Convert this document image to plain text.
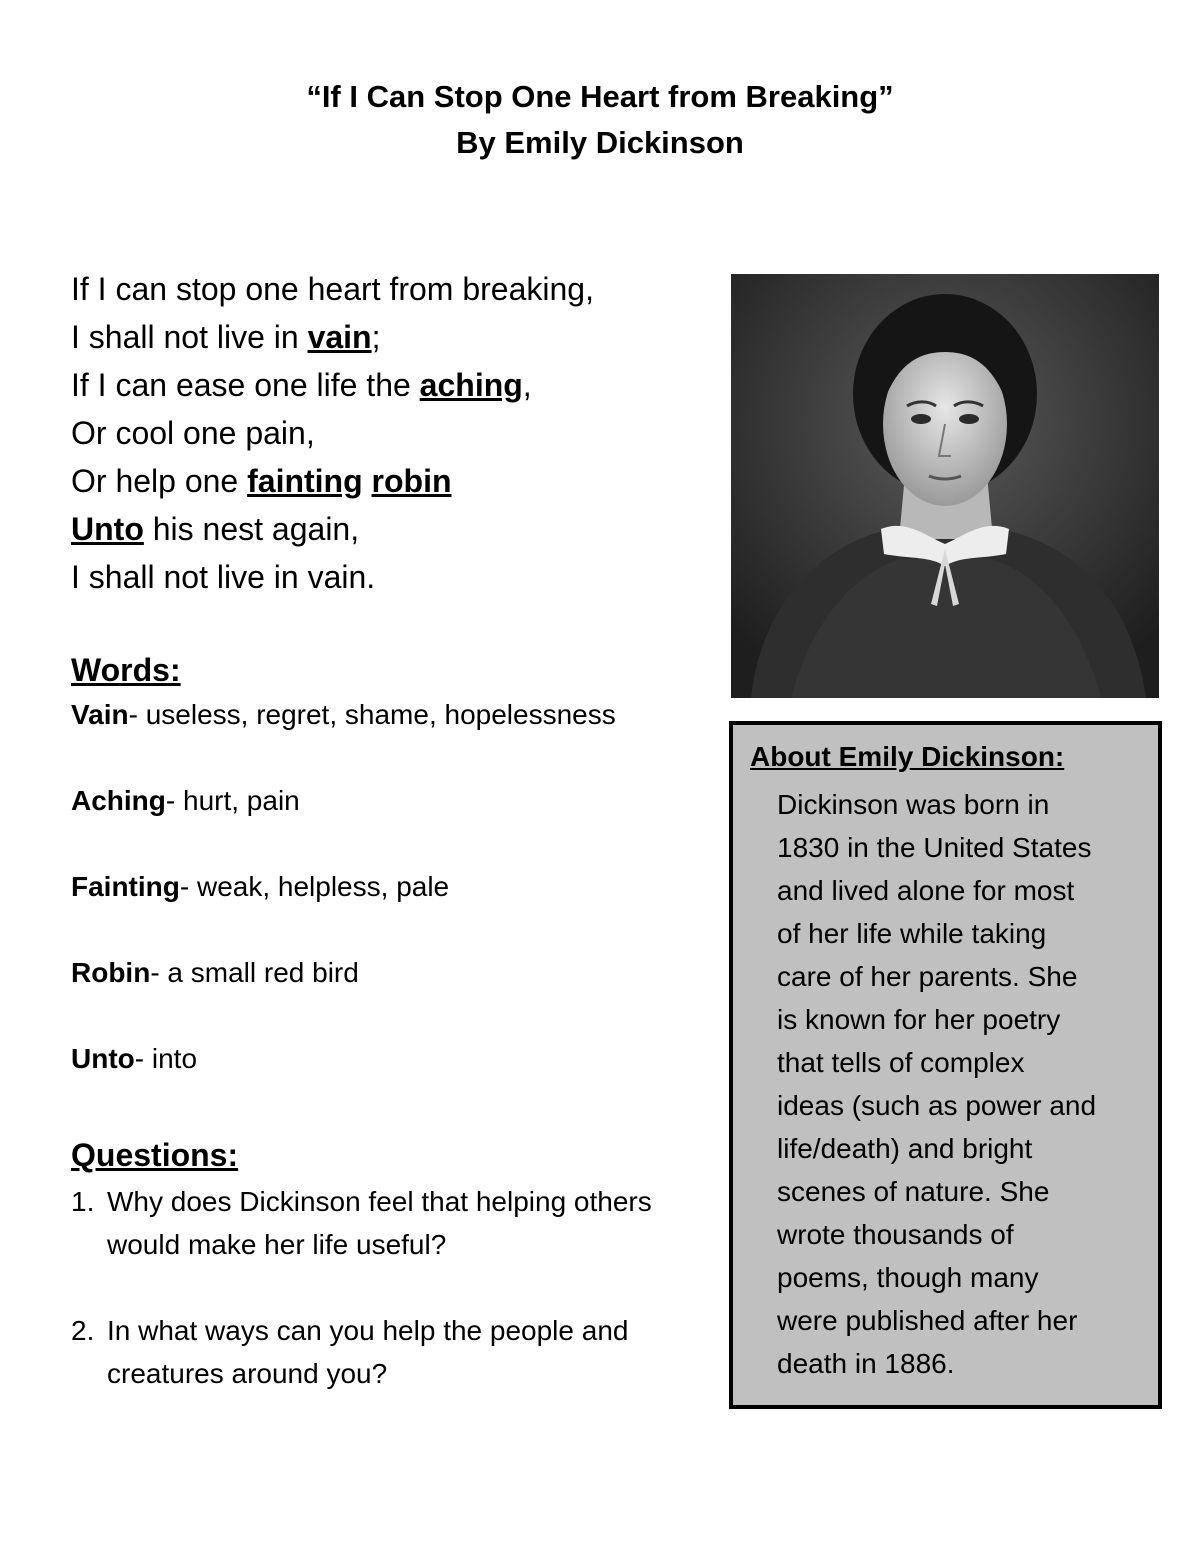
“If I Can Stop One Heart from Breaking”
By Emily Dickinson
If I can stop one heart from breaking,
I shall not live in vain;
If I can ease one life the aching,
Or cool one pain,
Or help one fainting robin
Unto his nest again,
I shall not live in vain.
Words:
Vain- useless, regret, shame, hopelessness
Aching- hurt, pain
Fainting- weak, helpless, pale
Robin- a small red bird
Unto- into
Questions:
1. Why does Dickinson feel that helping others would make her life useful?
2. In what ways can you help the people and creatures around you?
About Emily Dickinson:
Dickinson was born in
1830 in the United States
and lived alone for most
of her life while taking
care of her parents. She
is known for her poetry
that tells of complex
ideas (such as power and
life/death) and bright
scenes of nature. She
wrote thousands of
poems, though many
were published after her
death in 1886.
